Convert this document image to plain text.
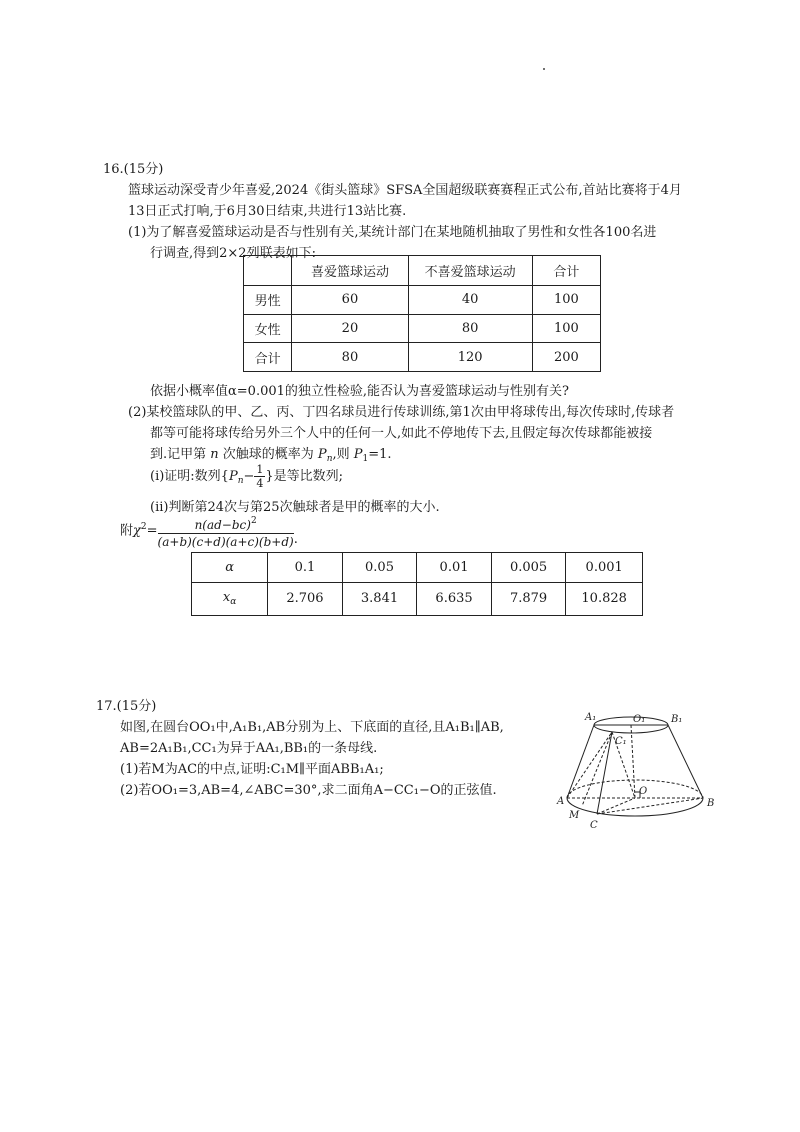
16.(15分)
篮球运动深受青少年喜爱,2024《街头篮球》SFSA全国超级联赛赛程正式公布,首站比赛将于4月
13日正式打响,于6月30日结束,共进行13站比赛.
(1)为了解喜爱篮球运动是否与性别有关,某统计部门在某地随机抽取了男性和女性各100名进
行调查,得到2×2列联表如下:
	喜爱篮球运动	不喜爱篮球运动	合计
男性	60	40	100
女性	20	80	100
合计	80	120	200
依据小概率值α=0.001的独立性检验,能否认为喜爱篮球运动与性别有关?
(2)某校篮球队的甲、乙、丙、丁四名球员进行传球训练,第1次由甲将球传出,每次传球时,传球者
都等可能将球传给另外三个人中的任何一人,如此不停地传下去,且假定每次传球都能被接
到.记甲第 n 次触球的概率为 $P_n$,则 $P_1=1$.
(ⅰ)证明:数列{$P_n- \frac{1}{4}$ }是等比数列;
(ⅱ)判断第24次与第25次触球者是甲的概率的大小.
附$\chi^2= \frac{n(ad-bc)^2}{(a+b)(c+d)(a+c)(b+d)}$ .
α	0.1	0.05	0.01	0.005	0.001
$x_\alpha$	2.706	3.841	6.635	7.879	10.828
17.(15分)
如图,在圆台OO₁中,A₁B₁,AB分别为上、下底面的直径,且A₁B₁∥AB,
AB=2A₁B₁,CC₁为异于AA₁,BB₁的一条母线.
(1)若M为AC的中点,证明:C₁M∥平面ABB₁A₁;
(2)若OO₁=3,AB=4,∠ABC=30°,求二面角A−CC₁−O的正弦值.
A₁	O₁	B₁
C₁
O
A	B
M
C
